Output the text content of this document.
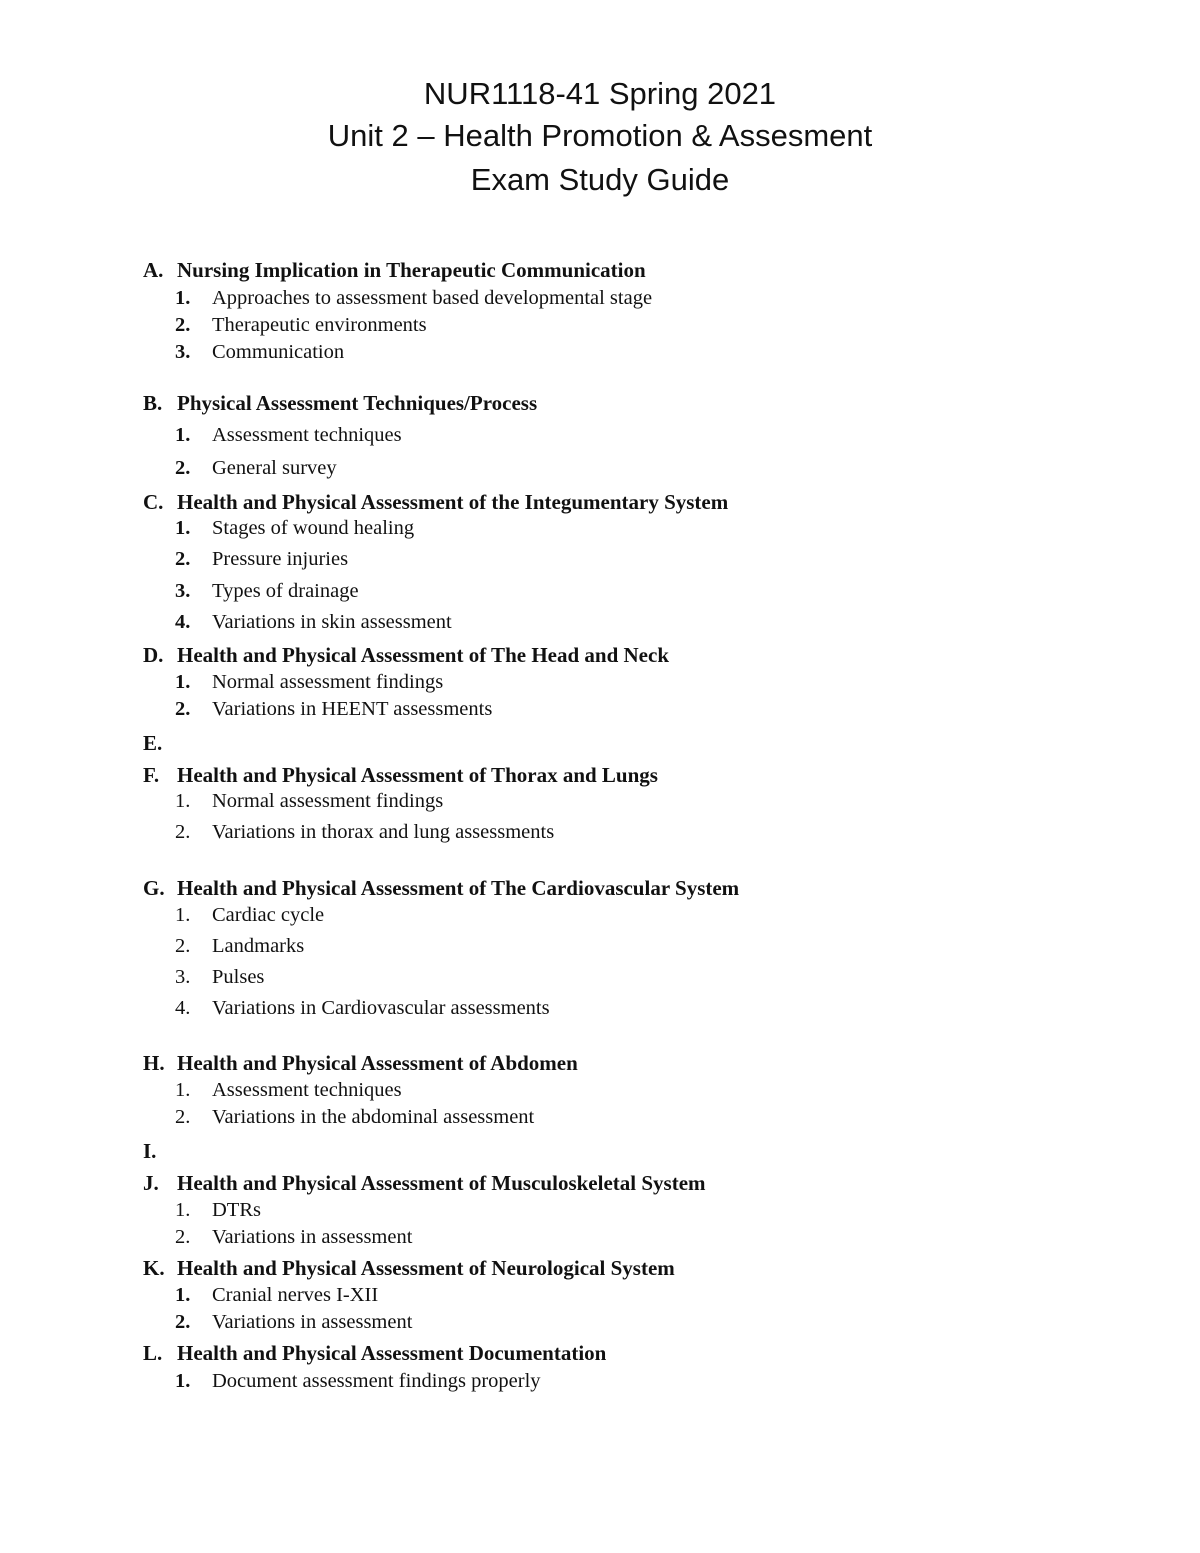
NUR1118-41 Spring 2021
Unit 2 – Health Promotion & Assesment
Exam Study Guide
A. Nursing Implication in Therapeutic Communication
1. Approaches to assessment based developmental stage
2. Therapeutic environments
3. Communication
B. Physical Assessment Techniques/Process
1. Assessment techniques
2. General survey
C. Health and Physical Assessment of the Integumentary System
1. Stages of wound healing
2. Pressure injuries
3. Types of drainage
4. Variations in skin assessment
D. Health and Physical Assessment of The Head and Neck
1. Normal assessment findings
2. Variations in HEENT assessments
E.
F. Health and Physical Assessment of Thorax and Lungs
1. Normal assessment findings
2. Variations in thorax and lung assessments
G. Health and Physical Assessment of The Cardiovascular System
1. Cardiac cycle
2. Landmarks
3. Pulses
4. Variations in Cardiovascular assessments
H. Health and Physical Assessment of Abdomen
1. Assessment techniques
2. Variations in the abdominal assessment
I.
J. Health and Physical Assessment of Musculoskeletal System
1. DTRs
2. Variations in assessment
K. Health and Physical Assessment of Neurological System
1. Cranial nerves I-XII
2. Variations in assessment
L. Health and Physical Assessment Documentation
1. Document assessment findings properly
